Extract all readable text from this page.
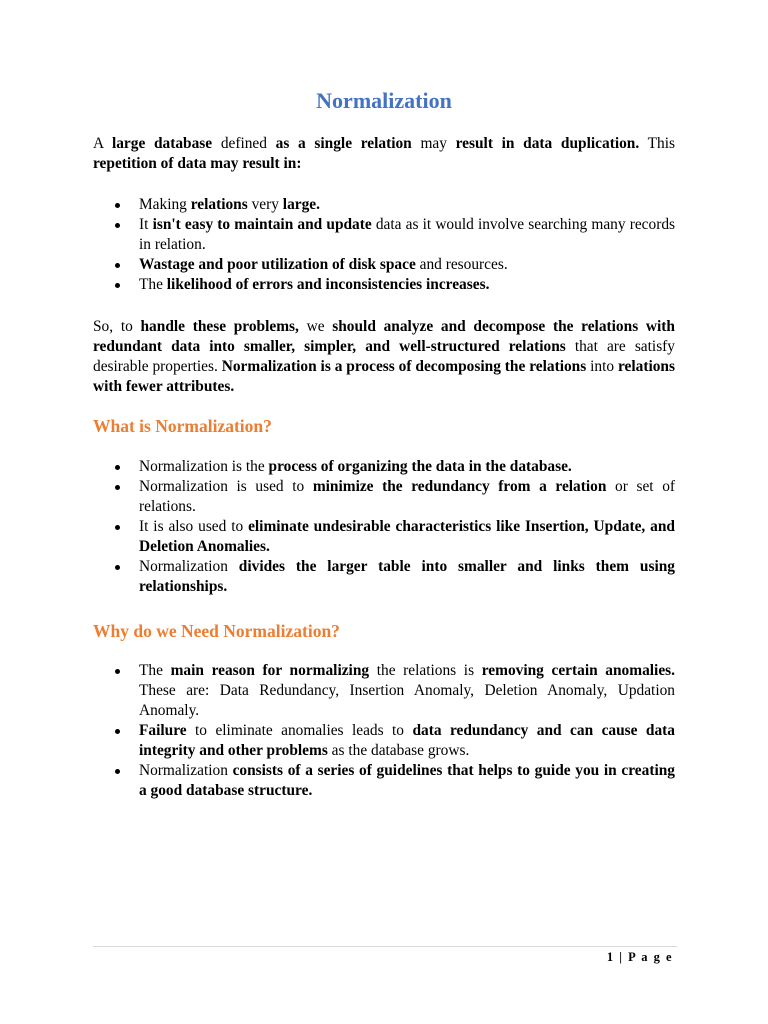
Normalization

A large database defined as a single relation may result in data duplication. This repetition of data may result in:

Making relations very large.
It isn't easy to maintain and update data as it would involve searching many records in relation.
Wastage and poor utilization of disk space and resources.
The likelihood of errors and inconsistencies increases.

So, to handle these problems, we should analyze and decompose the relations with redundant data into smaller, simpler, and well-structured relations that are satisfy desirable properties. Normalization is a process of decomposing the relations into relations with fewer attributes.

What is Normalization?
Normalization is the process of organizing the data in the database.
Normalization is used to minimize the redundancy from a relation or set of relations.
It is also used to eliminate undesirable characteristics like Insertion, Update, and Deletion Anomalies.
Normalization divides the larger table into smaller and links them using relationships.
Why do we Need Normalization?
The main reason for normalizing the relations is removing certain anomalies. These are: Data Redundancy, Insertion Anomaly, Deletion Anomaly, Updation Anomaly.
Failure to eliminate anomalies leads to data redundancy and can cause data integrity and other problems as the database grows.
Normalization consists of a series of guidelines that helps to guide you in creating a good database structure.
1 | P a g e
